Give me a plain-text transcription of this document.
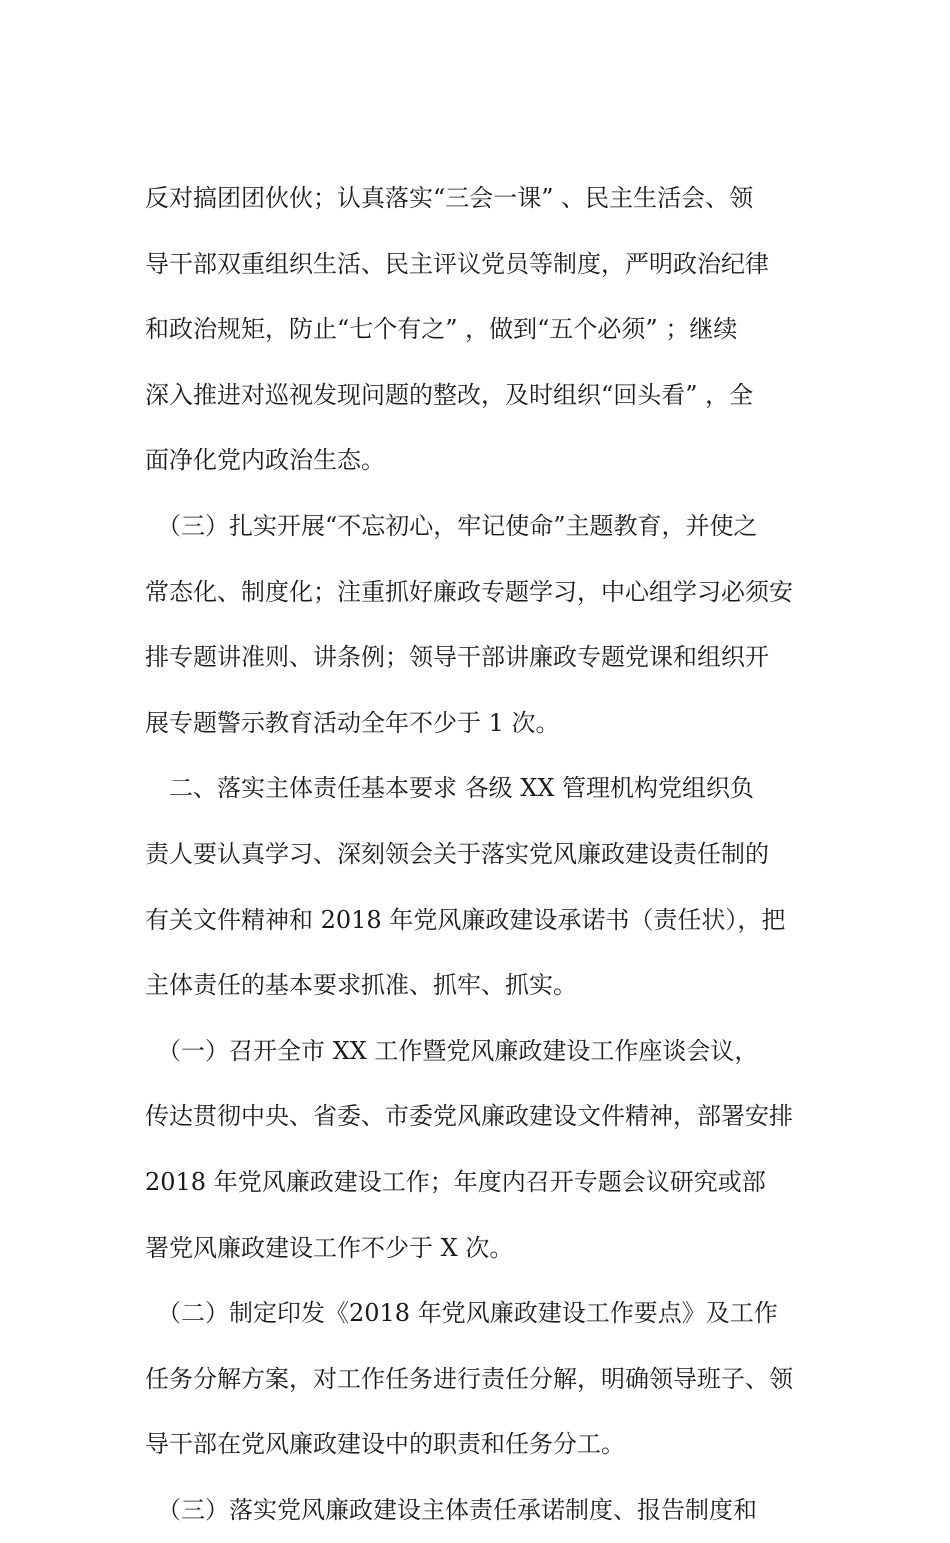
反对搞团团伙伙；认真落实“三会一课” 、民主生活会、领
导干部双重组织生活、民主评议党员等制度，严明政治纪律
和政治规矩，防止“七个有之” ，做到“五个必须” ；继续
深入推进对巡视发现问题的整改，及时组织“回头看” ，全
面净化党内政治生态。
　（三）扎实开展“不忘初心，牢记使命”主题教育，并使之
常态化、制度化；注重抓好廉政专题学习，中心组学习必须安
排专题讲准则、讲条例；领导干部讲廉政专题党课和组织开
展专题警示教育活动全年不少于 1 次。
　二、落实主体责任基本要求 各级 XX 管理机构党组织负
责人要认真学习、深刻领会关于落实党风廉政建设责任制的
有关文件精神和 2018 年党风廉政建设承诺书（责任状），把
主体责任的基本要求抓准、抓牢、抓实。
　（一）召开全市 XX 工作暨党风廉政建设工作座谈会议，
传达贯彻中央、省委、市委党风廉政建设文件精神，部署安排
2018 年党风廉政建设工作；年度内召开专题会议研究或部
署党风廉政建设工作不少于 X 次。
　（二）制定印发《2018 年党风廉政建设工作要点》及工作
任务分解方案，对工作任务进行责任分解，明确领导班子、领
导干部在党风廉政建设中的职责和任务分工。
　（三）落实党风廉政建设主体责任承诺制度、报告制度和
